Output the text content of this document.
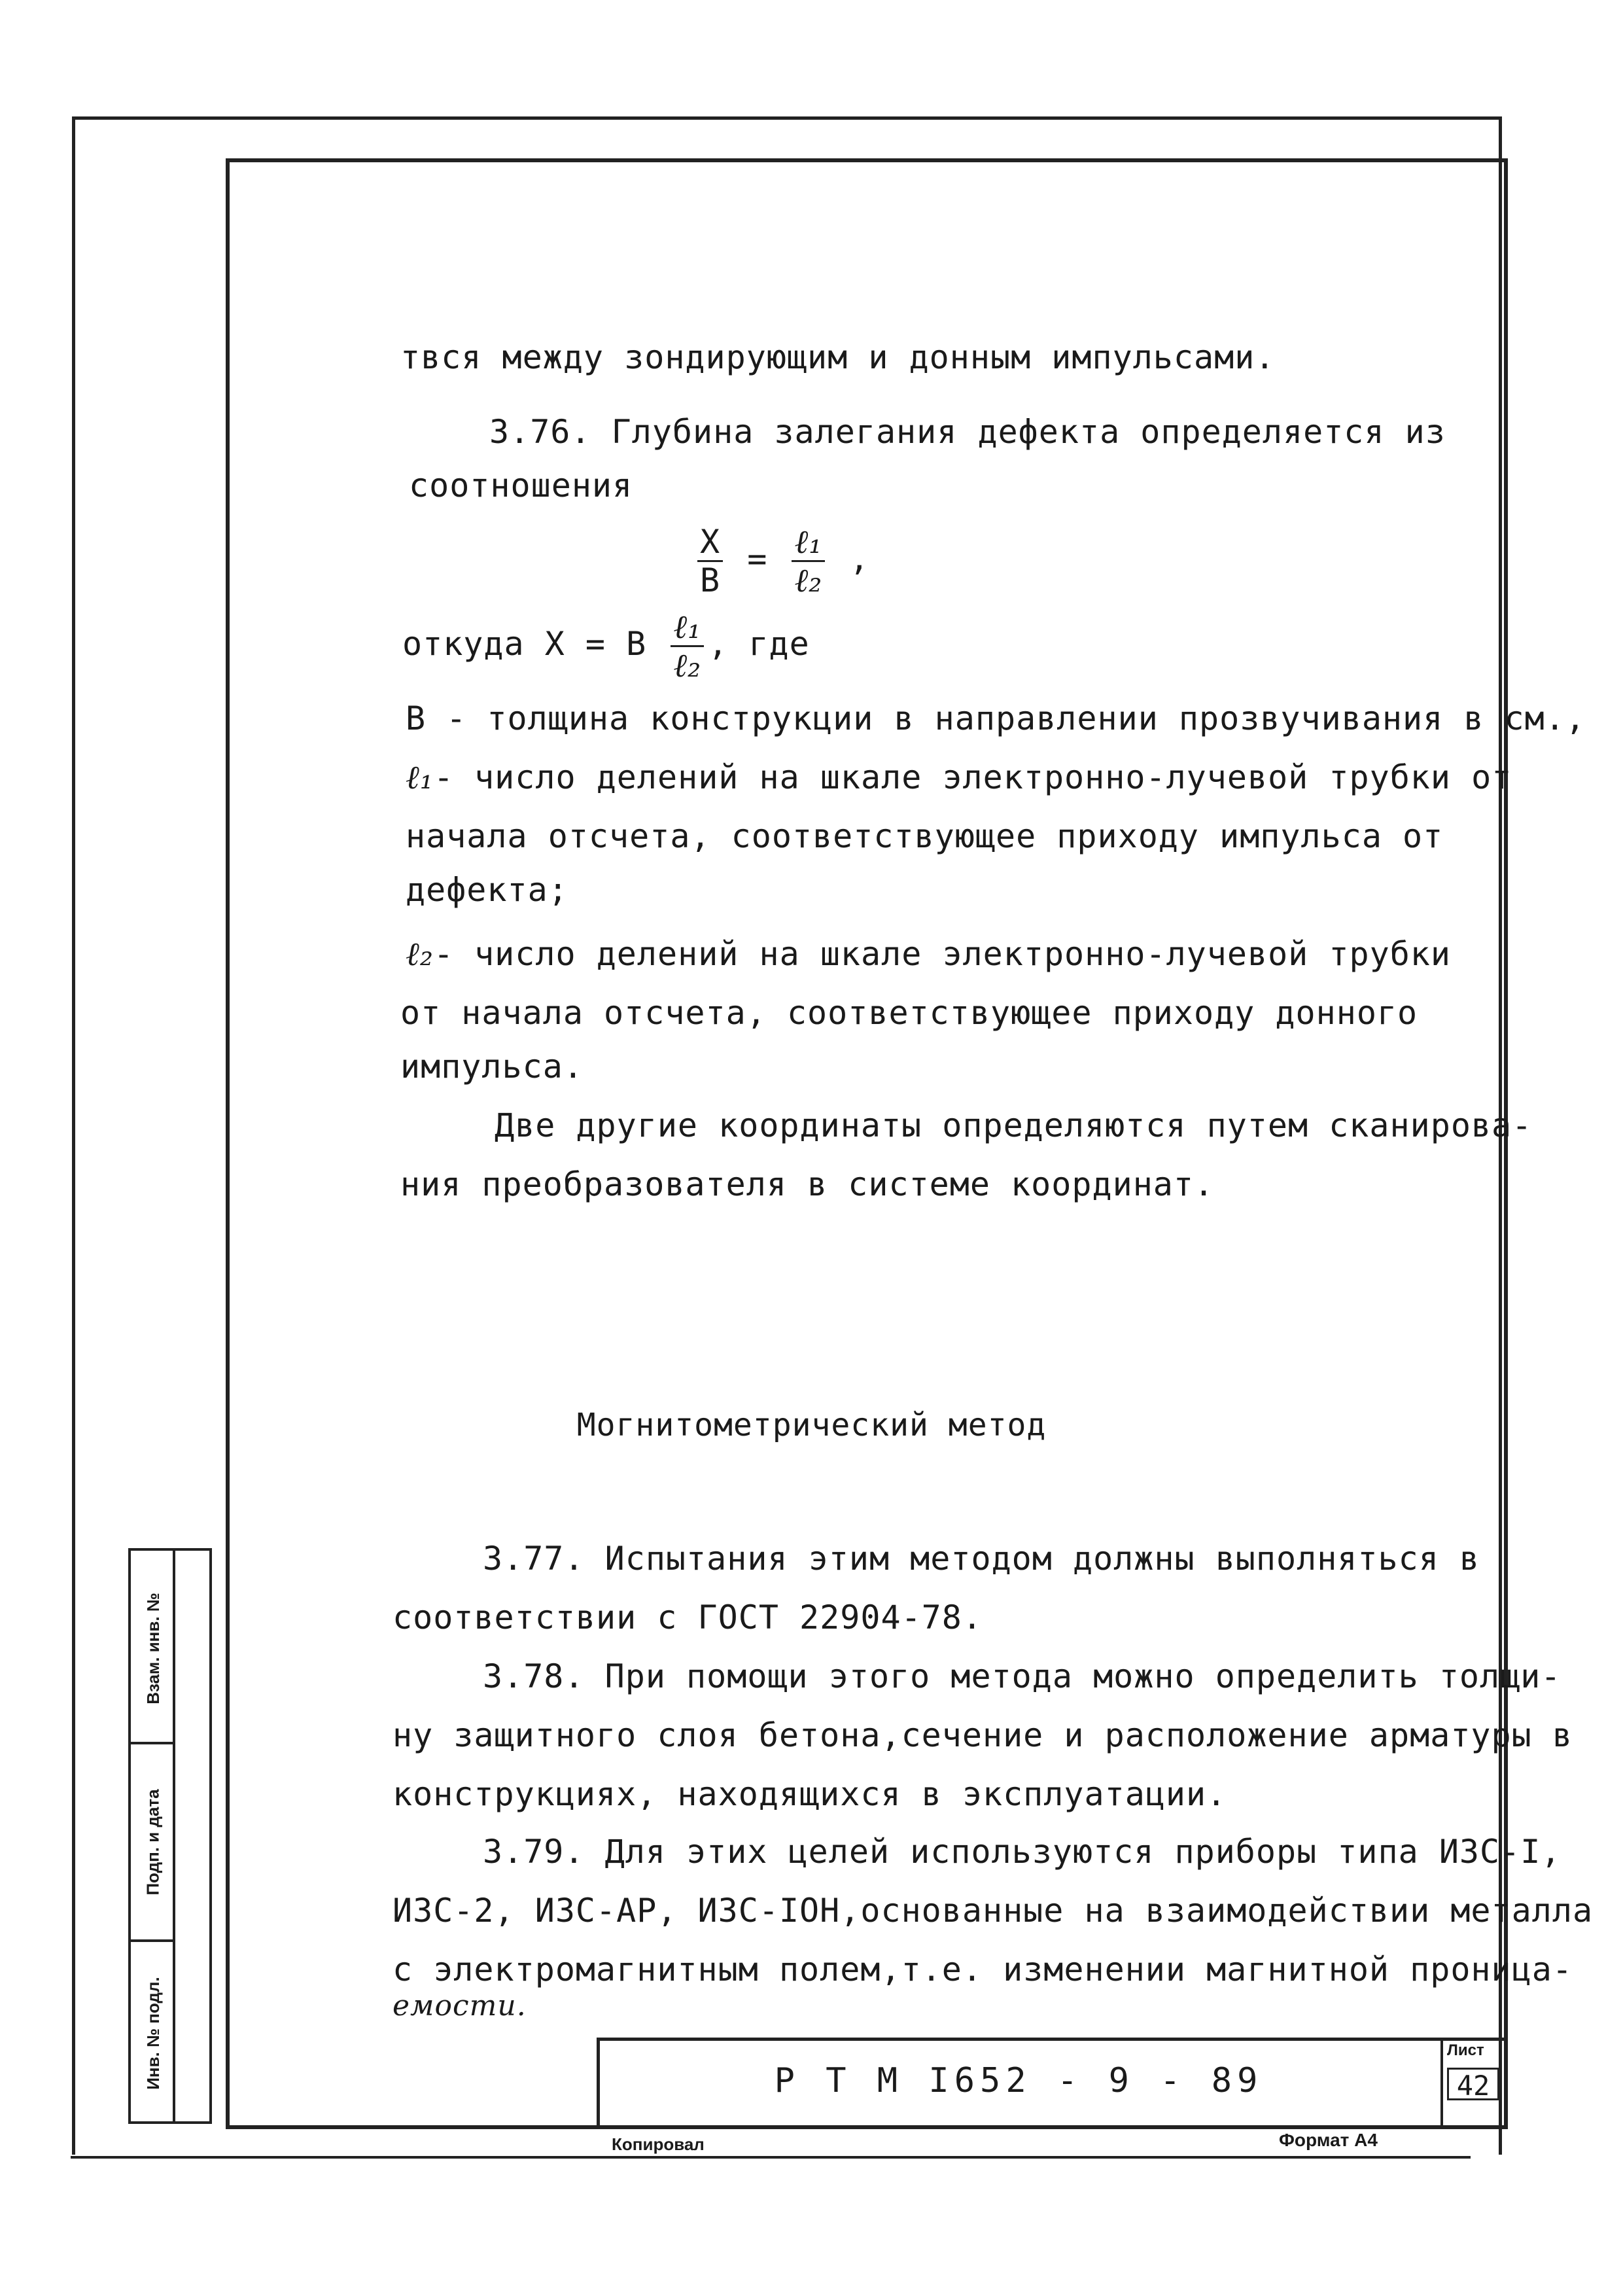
твся между зондирующим и донным импульсами.
3.76. Глубина залегания дефекта определяется из
соотношения
$\frac{X}{B} = \frac{\text{ℓ₁}}{\text{ℓ₂}}$ ,
откуда X = B $\frac{\text{ℓ₁}}{\text{ℓ₂}}$ , где
В - толщина конструкции в направлении прозвучивания в см.,
ℓ₁- число делений на шкале электронно-лучевой трубки от
начала отсчета, соответствующее приходу импульса от
дефекта;
ℓ₂- число делений на шкале электронно-лучевой трубки
от начала отсчета, соответствующее приходу донного
импульса.
Две другие координаты определяются путем сканирова-
ния преобразователя в системе координат.
Могнитометрический метод
3.77. Испытания этим методом должны выполняться в
соответствии с ГОСТ 22904-78.
3.78. При помощи этого метода можно определить толщи-
ну защитного слоя бетона,сечение и расположение арматуры в
конструкциях, находящихся в эксплуатации.
3.79. Для этих целей используются приборы типа ИЗС-I,
ИЗС-2, ИЗС-АР, ИЗС-IОН,основанные на взаимодействии металла
с электромагнитным полем,т.е. изменении магнитной проница-
емости.
Взам. инв. №
Подп. и дата
Инв. № подл.	Р Т М I652 - 9 - 89
Лист
42
Копировал	Формат А4
